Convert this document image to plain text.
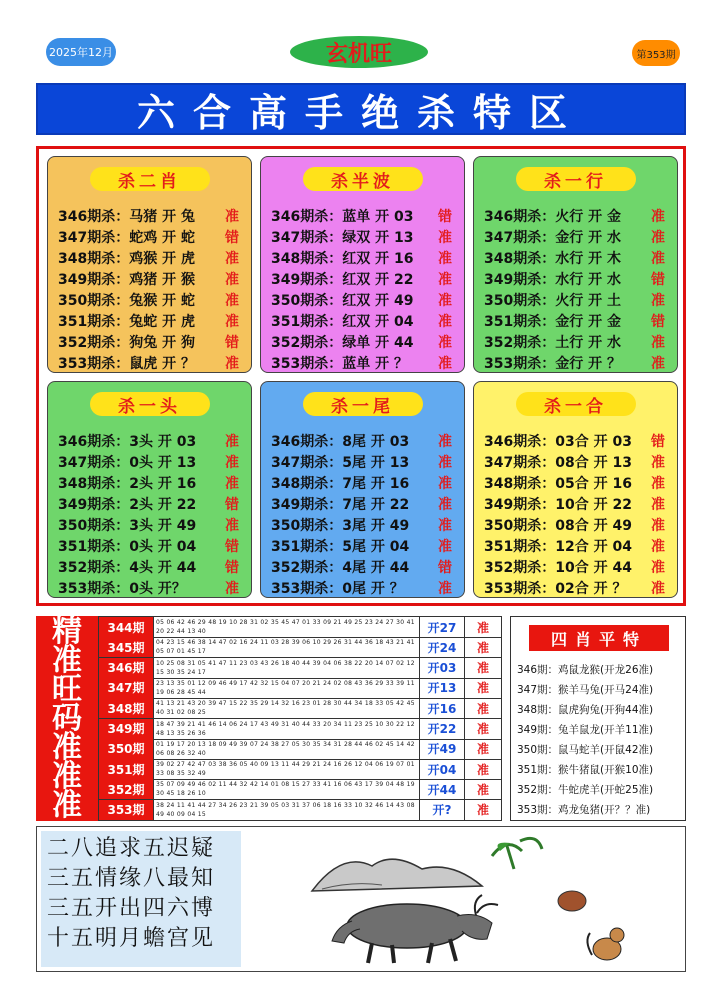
2025年12月	玄机旺	第353期
六合高手绝杀特区
杀二肖
346期杀：马猪 开 兔	准
347期杀：蛇鸡 开 蛇	错
348期杀：鸡猴 开 虎	准
349期杀：鸡猪 开 猴	准
350期杀：兔猴 开 蛇	准
351期杀：兔蛇 开 虎	准
352期杀：狗兔 开 狗	错
353期杀：鼠虎 开 ？	准
杀半波
346期杀：蓝单 开 03	错
347期杀：绿双 开 13	准
348期杀：红双 开 16	准
349期杀：红双 开 22	准
350期杀：红双 开 49	准
351期杀：红双 开 04	准
352期杀：绿单 开 44	准
353期杀：蓝单 开 ？	准
杀一行
346期杀：火行 开 金	准
347期杀：金行 开 水	准
348期杀：水行 开 木	准
349期杀：水行 开 水	错
350期杀：火行 开 土	准
351期杀：金行 开 金	错
352期杀：土行 开 水	准
353期杀：金行 开 ？	准
杀一头
346期杀：3头 开 03	准
347期杀：0头 开 13	准
348期杀：2头 开 16	准
349期杀：2头 开 22	错
350期杀：3头 开 49	准
351期杀：0头 开 04	错
352期杀：4头 开 44	错
353期杀：0头 开？	准
杀一尾
346期杀：8尾 开 03	准
347期杀：5尾 开 13	准
348期杀：7尾 开 16	准
349期杀：7尾 开 22	准
350期杀：3尾 开 49	准
351期杀：5尾 开 04	准
352期杀：4尾 开 44	错
353期杀：0尾 开 ？	准
杀一合
346期杀：03合 开 03	错
347期杀：08合 开 13	准
348期杀：05合 开 16	准
349期杀：10合 开 22	准
350期杀：08合 开 49	准
351期杀：12合 开 04	准
352期杀：10合 开 44	准
353期杀：02合 开 ？	准
精
准
旺
码
准
准
准
344期	05 06 42 46 29 48 19 10 28 31 02 35 45 47 01 33 09 21 49 25 23 24 27 30 41 20 22 44 13 40	开27	准
345期	04 23 15 46 38 14 47 02 16 24 11 03 28 39 06 10 29 26 31 44 36 18 43 21 41 05 07 01 45 17	开24	准
346期	10 25 08 31 05 41 47 11 23 03 43 26 18 40 44 39 04 06 38 22 20 14 07 02 12 15 30 35 24 17	开03	准
347期	23 13 35 01 12 09 46 49 17 42 32 15 04 07 20 21 24 02 08 43 36 29 33 39 11 19 06 28 45 44	开13	准
348期	41 13 21 43 20 39 47 15 22 35 29 14 32 16 23 01 28 30 44 34 18 33 05 42 45 40 31 02 08 25	开16	准
349期	18 47 39 21 41 46 14 06 24 17 43 49 31 40 44 33 20 34 11 23 25 10 30 22 12 48 13 35 26 36	开22	准
350期	01 19 17 20 13 18 09 49 39 07 24 38 27 05 30 35 34 31 28 44 46 02 45 14 42 06 08 26 32 40	开49	准
351期	39 02 27 42 47 03 38 36 05 40 09 13 11 44 29 21 24 16 26 12 04 06 19 07 01 33 08 35 32 49	开04	准
352期	35 07 09 49 46 02 11 44 32 42 14 01 08 15 27 33 41 16 06 43 17 39 04 48 19 30 45 18 26 10	开44	准
353期	38 24 11 41 44 27 34 26 23 21 39 05 03 31 37 06 18 16 33 10 32 46 14 43 08 49 40 09 04 15	开?	准
四肖平特
346期：鸡鼠龙猴(开龙26准)
347期：猴羊马兔(开马24准)
348期：鼠虎狗兔(开狗44准)
349期：兔羊鼠龙(开羊11准)
350期：鼠马蛇羊(开鼠42准)
351期：猴牛猪鼠(开猴10准)
352期：牛蛇虎羊(开蛇25准)
353期：鸡龙兔猪(开？？准)
二八追求五迟疑
三五情缘八最知
三五开出四六博
十五明月蟾宫见
